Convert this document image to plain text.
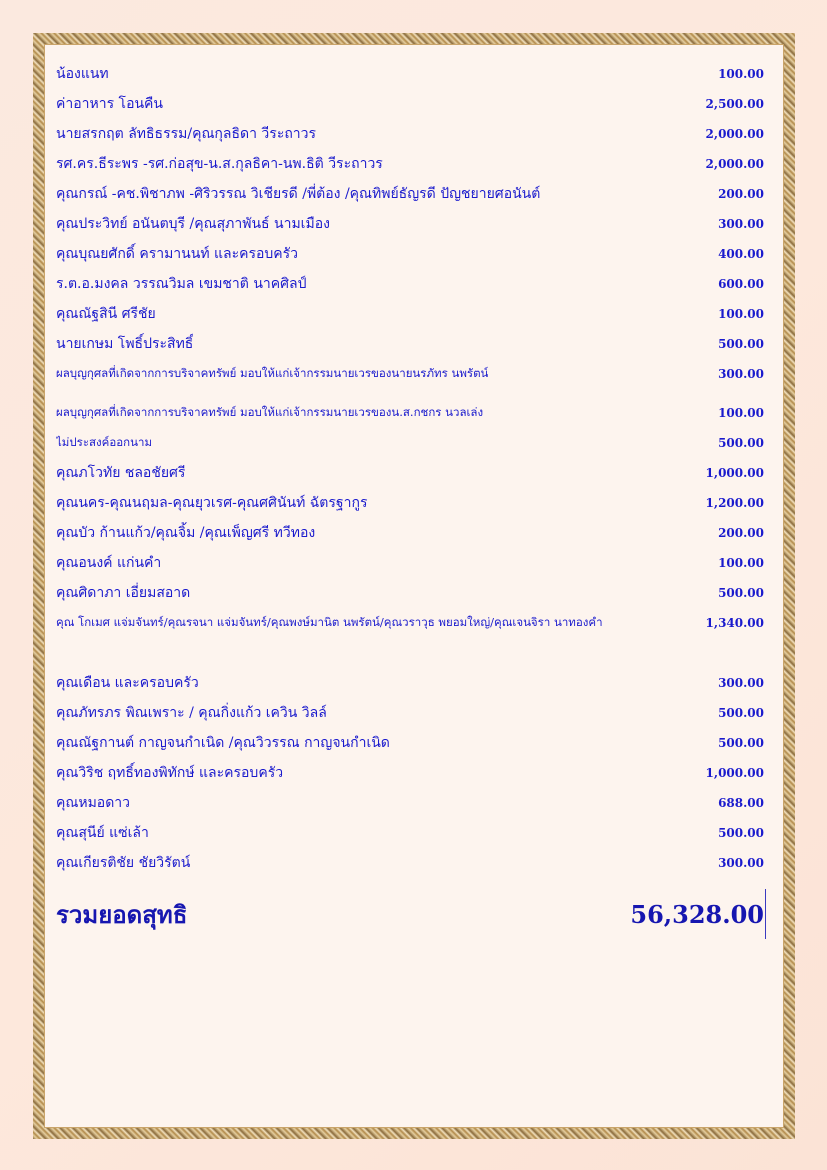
น้องแนท	100.00
ค่าอาหาร โอนคืน	2,500.00
นายสรกฤต ลัทธิธรรม/คุณกุลธิดา วีระถาวร	2,000.00
รศ.คร.ธีระพร -รศ.ก่อสุข-น.ส.กุลธิคา-นพ.ธิติ วีระถาวร	2,000.00
คุณกรณ์ -คช.พิชาภพ -ศิริวรรณ วิเชียรดี /พี่ต้อง /คุณทิพย์ธัญรดี ปัญชยายศอนันต์	200.00
คุณประวิทย์ อนันตบุรี /คุณสุภาพันธ์ นามเมือง	300.00
คุณบุณยศักดิ์ ครามานนท์ และครอบครัว	400.00
ร.ต.อ.มงคล วรรณวิมล เขมชาติ นาคศิลป์	600.00
คุณณัฐสินี ศรีชัย	100.00
นายเกษม โพธิ์ประสิทธิ์	500.00
ผลบุญกุศลที่เกิดจากการบริจาคทรัพย์ มอบให้แก่เจ้ากรรมนายเวรของนายนรภัทร นพรัตน์	300.00
ผลบุญกุศลที่เกิดจากการบริจาคทรัพย์ มอบให้แก่เจ้ากรรมนายเวรของน.ส.กชกร นวลเล่ง	100.00
ไม่ประสงค์ออกนาม	500.00
คุณภโวทัย ชลอชัยศรี	1,000.00
คุณนคร-คุณนฤมล-คุณยุวเรศ-คุณศศินันท์ ฉัตรฐากูร	1,200.00
คุณบัว ก้านแก้ว/คุณจิ้ม /คุณเพ็ญศรี ทวีทอง	200.00
คุณอนงค์ แก่นคำ	100.00
คุณศิดาภา เอี่ยมสอาด	500.00
คุณ โกเมศ แจ่มจันทร์/คุณรจนา แจ่มจันทร์/คุณพงษ์มานิต นพรัตน์/คุณวราวุธ พยอมใหญ่/คุณเจนจิรา นาทองคำ	1,340.00
คุณเดือน และครอบครัว	300.00
คุณภัทรภร พิณเพราะ / คุณกิ่งแก้ว เควิน วิลล์	500.00
คุณณัฐกานต์ กาญจนกำเนิด /คุณวิวรรณ กาญจนกำเนิด	500.00
คุณวิริช ฤทธิ์ทองพิทักษ์ และครอบครัว	1,000.00
คุณหมอดาว	688.00
คุณสุนีย์ แซ่เล้า	500.00
คุณเกียรติชัย ชัยวิรัตน์	300.00
รวมยอดสุทธิ	56,328.00
